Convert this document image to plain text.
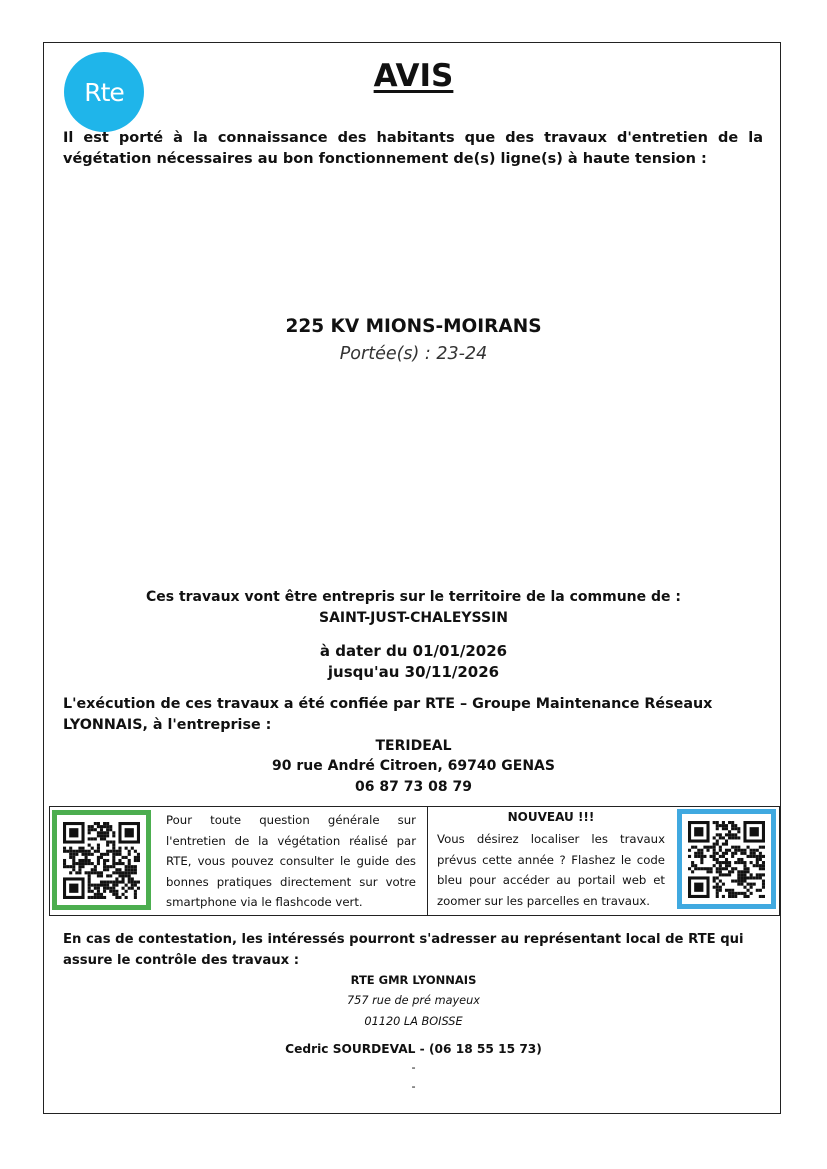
Rte	AVIS
Il est porté à la connaissance des habitants que des travaux d'entretien de la végétation nécessaires au bon fonctionnement de(s) ligne(s) à haute tension :
225 KV MIONS-MOIRANS
Portée(s) : 23-24
Ces travaux vont être entrepris sur le territoire de la commune de :
SAINT-JUST-CHALEYSSIN
à dater du 01/01/2026
jusqu'au 30/11/2026
L'exécution de ces travaux a été confiée par RTE – Groupe Maintenance Réseaux LYONNAIS, à l'entreprise :
TERIDEAL
90 rue André Citroen, 69740 GENAS
06 87 73 08 79
Pour toute question générale sur l'entretien de la végétation réalisé par RTE, vous pouvez consulter le guide des bonnes pratiques directement sur votre smartphone via le flashcode vert.
NOUVEAU !!!
Vous désirez localiser les travaux prévus cette année ? Flashez le code bleu pour accéder au portail web et zoomer sur les parcelles en travaux.
En cas de contestation, les intéressés pourront s'adresser au représentant local de RTE qui assure le contrôle des travaux :
RTE GMR LYONNAIS
757 rue de pré mayeux
01120 LA BOISSE
Cedric SOURDEVAL - (06 18 55 15 73)
-
-
